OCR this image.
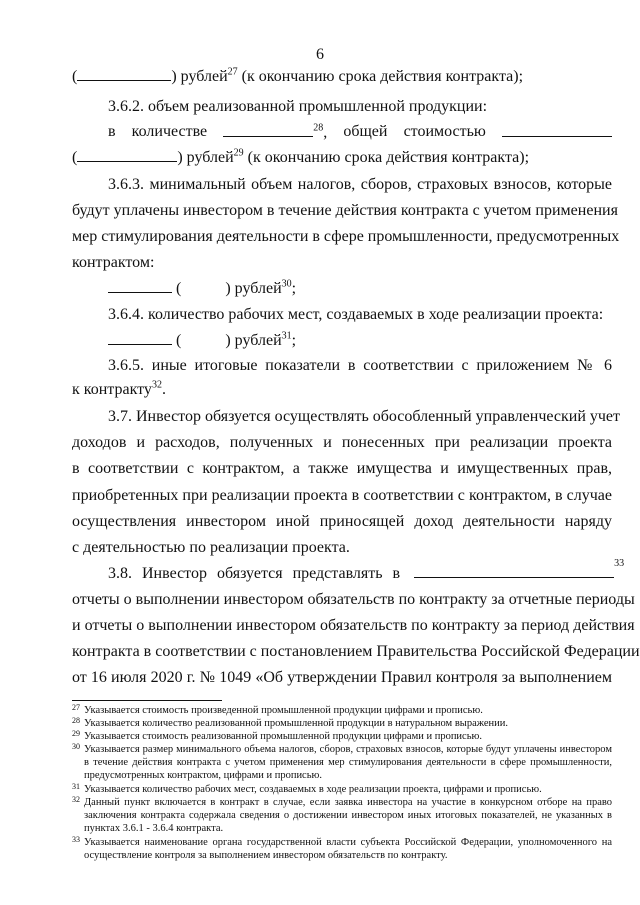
6
(	) рублей$^{27}$ (к окончанию срока действия контракта);
3.6.2. объем реализованной промышленной продукции:
в количестве	$^{28}$, общей стоимостью
(	) рублей$^{29}$ (к окончанию срока действия контракта);
3.6.3. минимальный объем налогов, сборов, страховых взносов, которые
будут уплачены инвестором в течение действия контракта с учетом применения
мер стимулирования деятельности в сфере промышленности, предусмотренных
контрактом:
(	) рублей$^{30}$;
3.6.4. количество рабочих мест, создаваемых в ходе реализации проекта:
(	) рублей$^{31}$;
3.6.5. иные итоговые показатели в соответствии с приложением № 6
к контракту$^{32}$.
3.7. Инвестор обязуется осуществлять обособленный управленческий учет
доходов и расходов, полученных и понесенных при реализации проекта
в соответствии с контрактом, а также имущества и имущественных прав,
приобретенных при реализации проекта в соответствии с контрактом, в случае
осуществления инвестором иной приносящей доход деятельности наряду
с деятельностью по реализации проекта.
3.8. Инвестор обязуется представлять $в^{33}$
отчеты о выполнении инвестором обязательств по контракту за отчетные периоды
и отчеты о выполнении инвестором обязательств по контракту за период действия
контракта в соответствии с постановлением Правительства Российской Федерации
от 16 июля 2020 г. № 1049 «Об утверждении Правил контроля за выполнением
27 Указывается стоимость произведенной промышленной продукции цифрами и прописью.
28 Указывается количество реализованной промышленной продукции в натуральном выражении.
29 Указывается стоимость реализованной промышленной продукции цифрами и прописью.
30 Указывается размер минимального объема налогов, сборов, страховых взносов, которые будут уплачены инвестором в течение действия контракта с учетом применения мер стимулирования деятельности в сфере промышленности, предусмотренных контрактом, цифрами и прописью.
31 Указывается количество рабочих мест, создаваемых в ходе реализации проекта, цифрами и прописью.
32 Данный пункт включается в контракт в случае, если заявка инвестора на участие в конкурсном отборе на право заключения контракта содержала сведения о достижении инвестором иных итоговых показателей, не указанных в пунктах 3.6.1 - 3.6.4 контракта.
33 Указывается наименование органа государственной власти субъекта Российской Федерации, уполномоченного на осуществление контроля за выполнением инвестором обязательств по контракту.
